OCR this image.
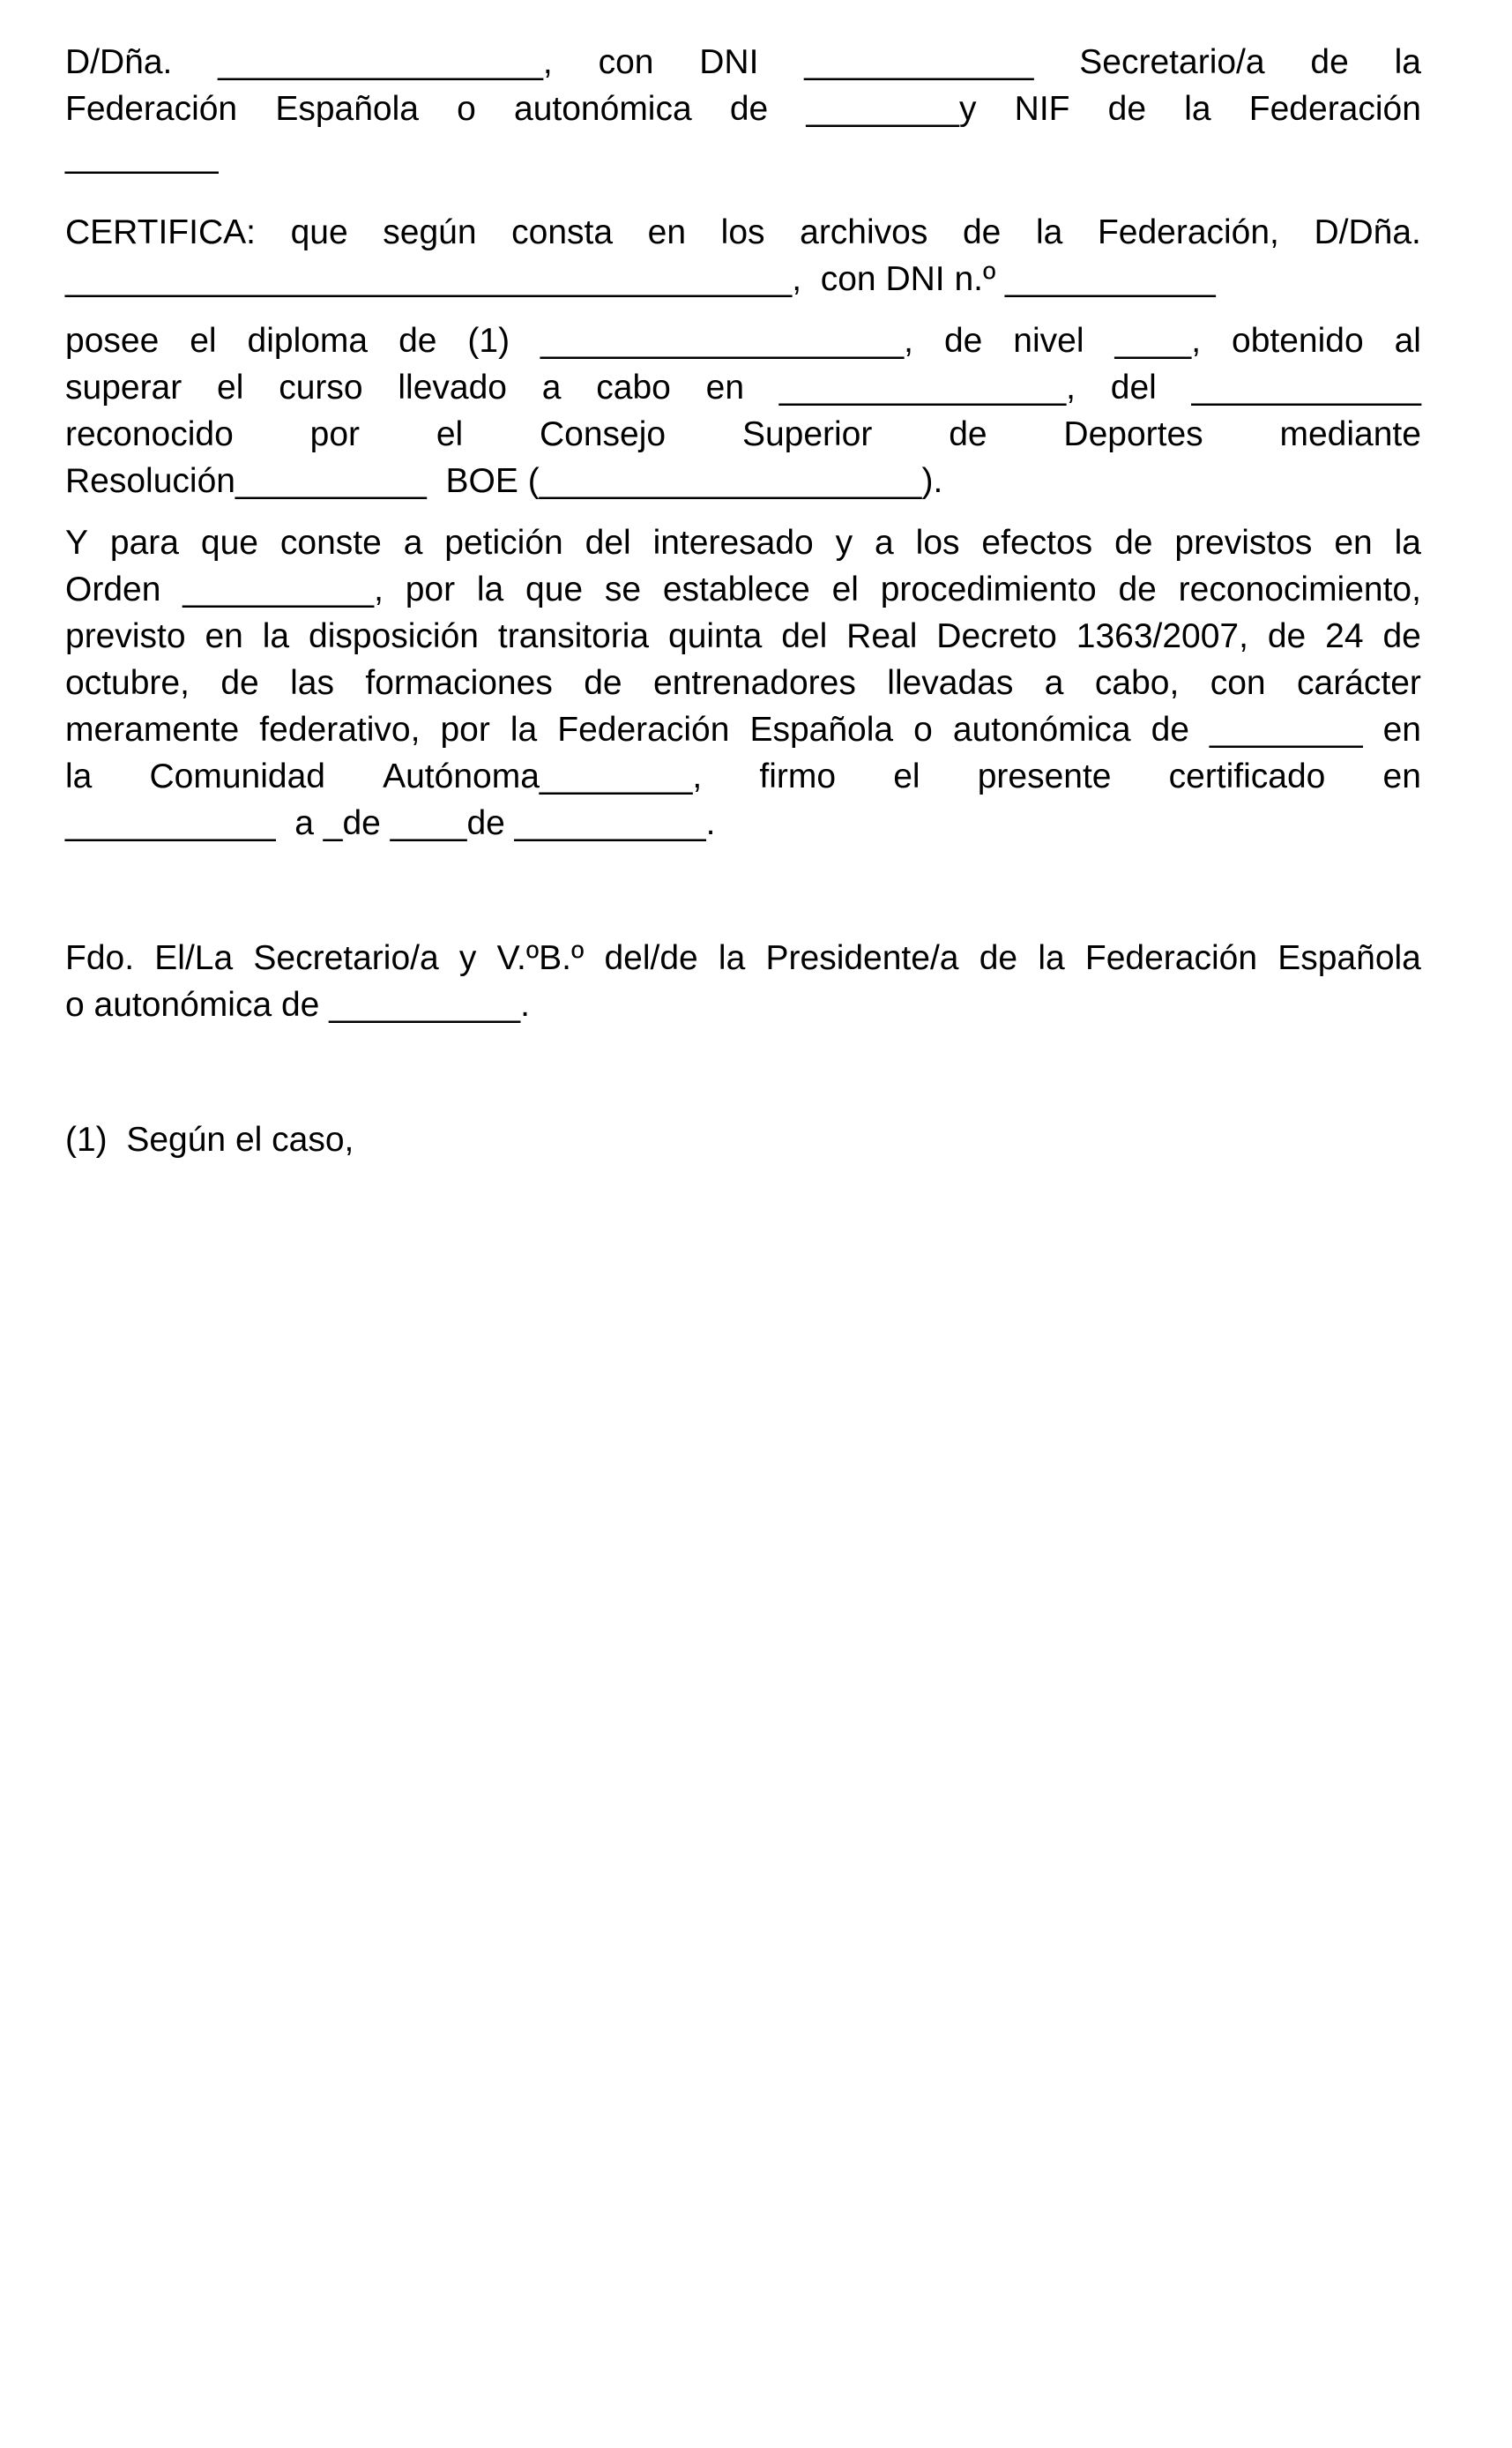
D/Dña. _________________, con DNI ____________ Secretario/a de la
Federación Española o autonómica de ________y NIF de la Federación
________
CERTIFICA: que según consta en los archivos de la Federación, D/Dña.
______________________________________,  con DNI n.º ___________
posee el diploma de (1) ___________________, de nivel ____, obtenido al
superar el curso llevado a cabo en _______________, del ____________
reconocido por el Consejo Superior de Deportes mediante
Resolución__________  BOE (____________________).
Y para que conste a petición del interesado y a los efectos de previstos en la
Orden __________, por la que se establece el procedimiento de reconocimiento,
previsto en la disposición transitoria quinta del Real Decreto 1363/2007, de 24 de
octubre, de las formaciones de entrenadores llevadas a cabo, con carácter
meramente federativo, por la Federación Española o autonómica de ________ en
la Comunidad Autónoma________, firmo el presente certificado en
___________  a _de ____de __________.
Fdo. El/La Secretario/a y V.ºB.º del/de la Presidente/a de la Federación Española
o autonómica de __________.
(1)  Según el caso,
